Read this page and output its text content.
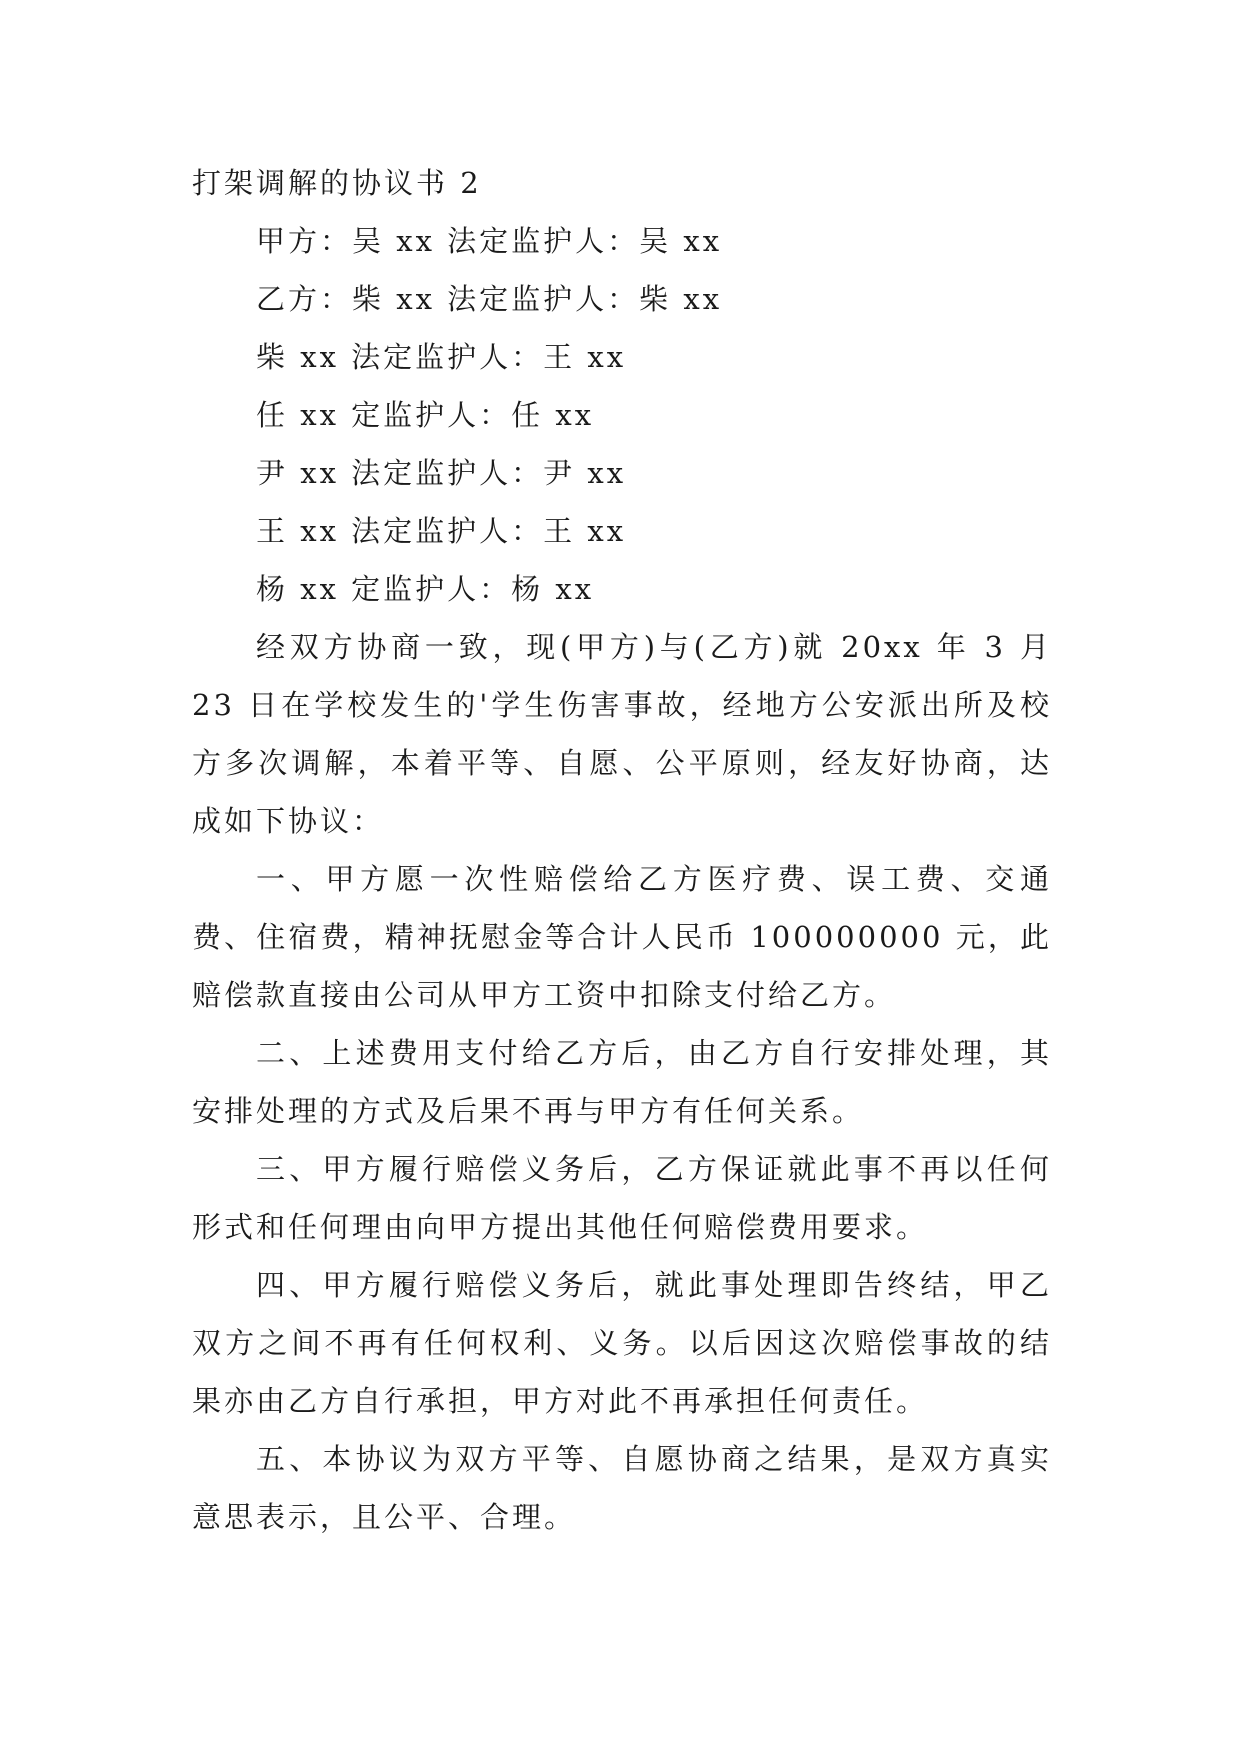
打架调解的协议书 2

甲方：吴 xx 法定监护人：吴 xx

乙方：柴 xx 法定监护人：柴 xx

柴 xx 法定监护人：王 xx

任 xx 定监护人：任 xx

尹 xx 法定监护人：尹 xx

王 xx 法定监护人：王 xx

杨 xx 定监护人：杨 xx

经双方协商一致，现(甲方)与(乙方)就 20xx 年 3 月 23 日在学校发生的'学生伤害事故，经地方公安派出所及校方多次调解，本着平等、自愿、公平原则，经友好协商，达成如下协议：

一、甲方愿一次性赔偿给乙方医疗费、误工费、交通费、住宿费，精神抚慰金等合计人民币 100000000 元，此赔偿款直接由公司从甲方工资中扣除支付给乙方。

二、上述费用支付给乙方后，由乙方自行安排处理，其安排处理的方式及后果不再与甲方有任何关系。

三、甲方履行赔偿义务后，乙方保证就此事不再以任何形式和任何理由向甲方提出其他任何赔偿费用要求。

四、甲方履行赔偿义务后，就此事处理即告终结，甲乙双方之间不再有任何权利、义务。以后因这次赔偿事故的结果亦由乙方自行承担，甲方对此不再承担任何责任。

五、本协议为双方平等、自愿协商之结果，是双方真实意思表示，且公平、合理。
